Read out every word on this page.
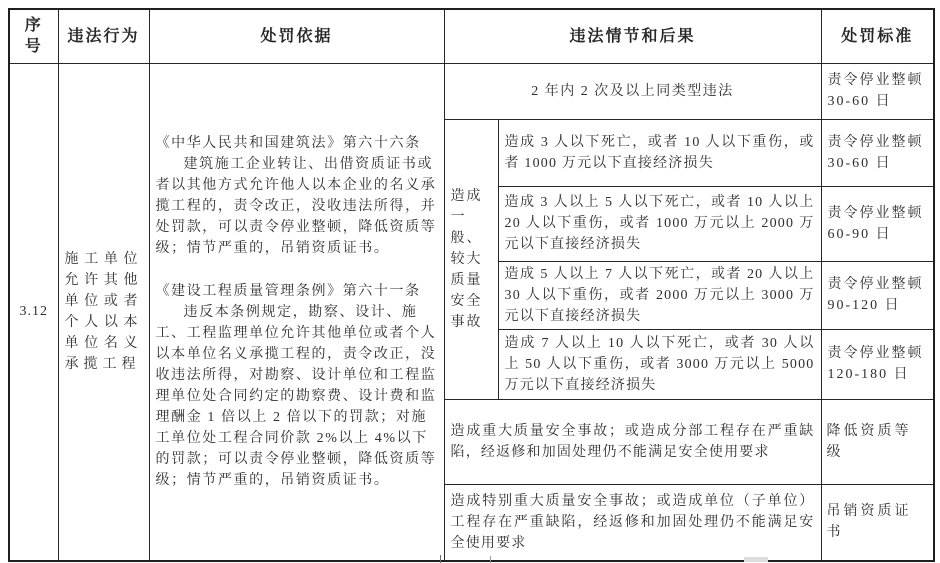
序号	违法行为	处罚依据	违法情节和后果		处罚标准
3.12	施工单位允许其他单位或者个人以本单位名义承揽工程	《中华人民共和国建筑法》第六十六条
建筑施工企业转让、出借资质证书或者以其他方式允许他人以本企业的名义承揽工程的，责令改正，没收违法所得，并处罚款，可以责令停业整顿，降低资质等级；情节严重的，吊销资质证书。
《建设工程质量管理条例》第六十一条
违反本条例规定，勘察、设计、施工、工程监理单位允许其他单位或者个人以本单位名义承揽工程的，责令改正，没收违法所得，对勘察、设计单位和工程监理单位处合同约定的勘察费、设计费和监理酬金 1 倍以上 2 倍以下的罚款；对施工单位处工程合同价款 2%以上 4%以下的罚款；可以责令停业整顿，降低资质等级；情节严重的，吊销资质证书。	2 年内 2 次及以上同类型违法		责令停业整顿 30-60 日
			造成一般、较大质量安全事故	造成 3 人以下死亡，或者 10 人以下重伤，或者 1000 万元以下直接经济损失	责令停业整顿 30-60 日
				造成 3 人以上 5 人以下死亡，或者 10 人以上 20 人以下重伤，或者 1000 万元以上 2000 万元以下直接经济损失	责令停业整顿 60-90 日
				造成 5 人以上 7 人以下死亡，或者 20 人以上 30 人以下重伤，或者 2000 万元以上 3000 万元以下直接经济损失	责令停业整顿 90-120 日
				造成 7 人以上 10 人以下死亡，或者 30 人以上 50 人以下重伤，或者 3000 万元以上 5000 万元以下直接经济损失	责令停业整顿 120-180 日
			造成重大质量安全事故；或造成分部工程存在严重缺陷，经返修和加固处理仍不能满足安全使用要求		降低资质等级
			造成特别重大质量安全事故；或造成单位（子单位）工程存在严重缺陷，经返修和加固处理仍不能满足安全使用要求		吊销资质证书
